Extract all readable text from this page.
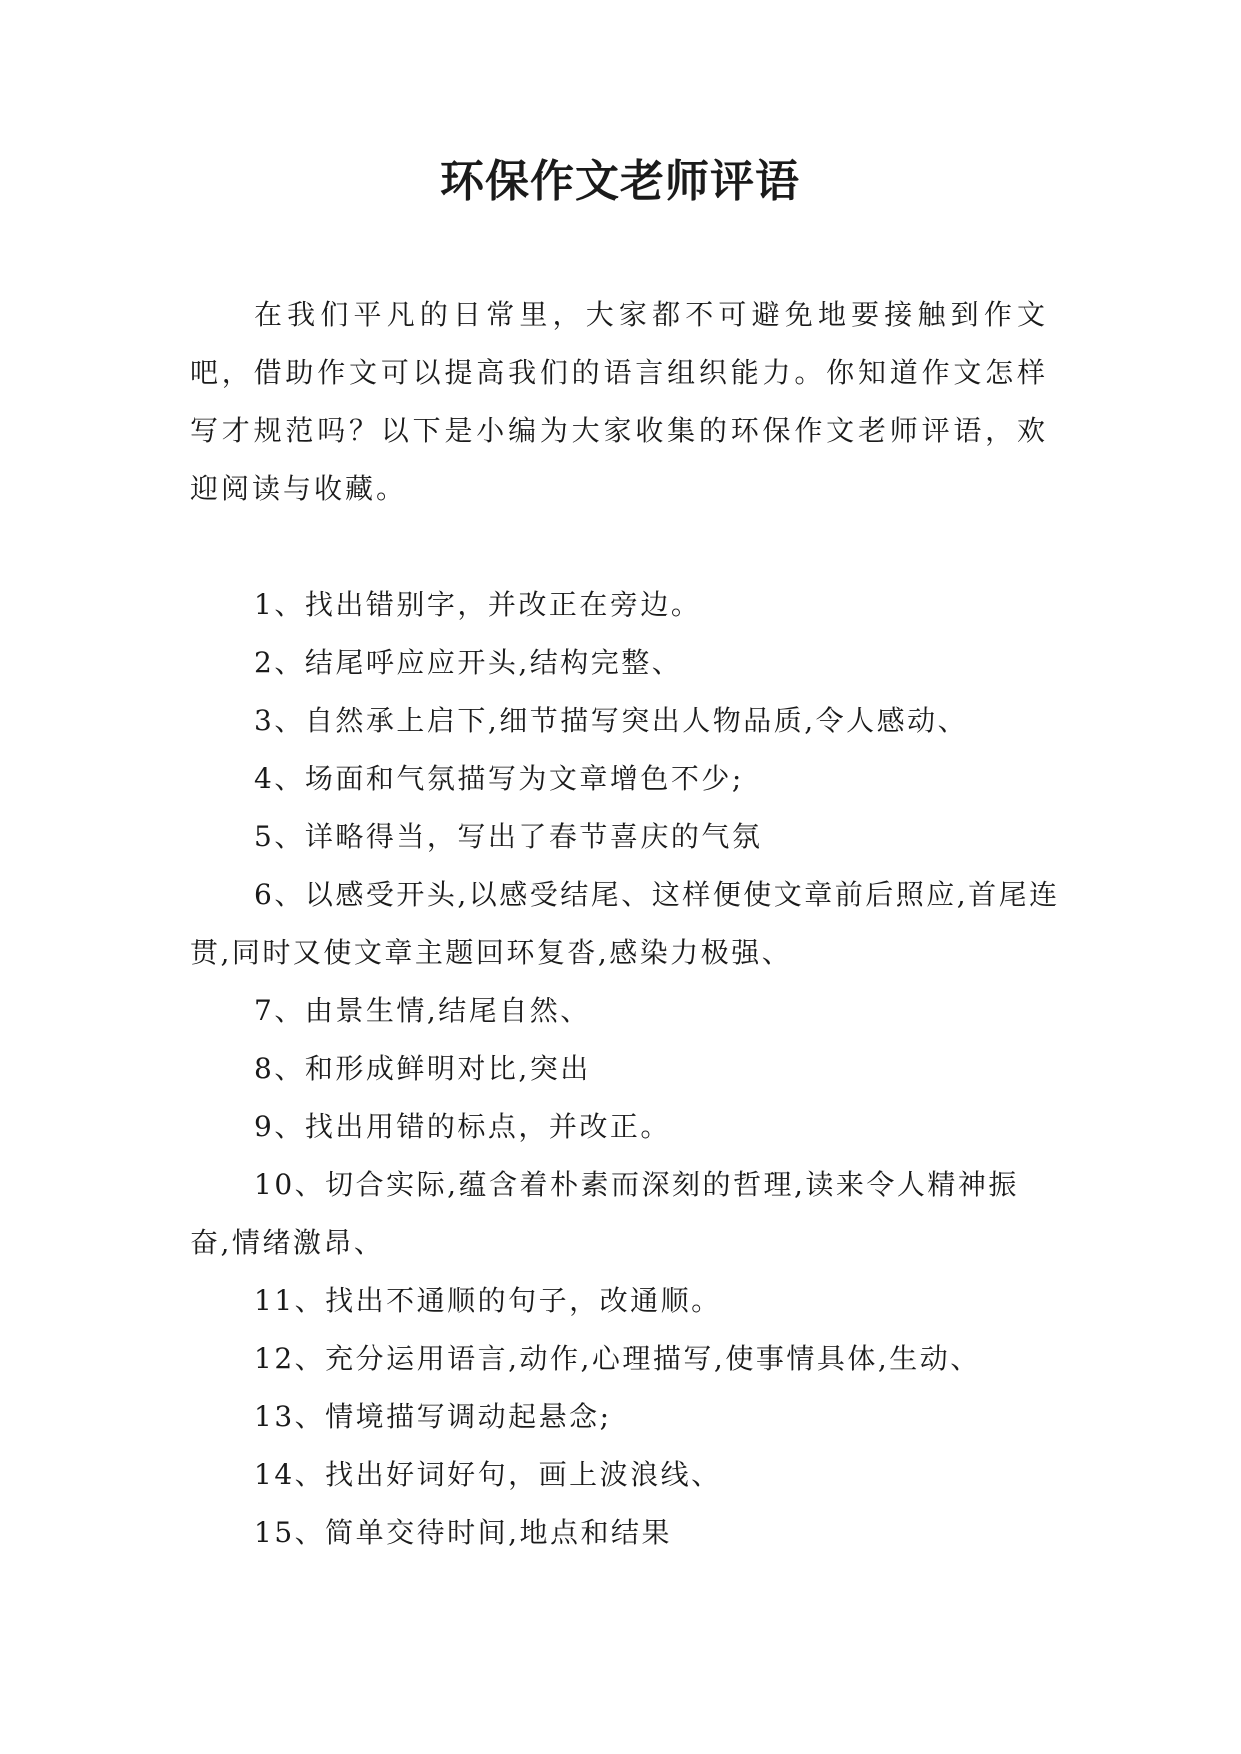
环保作文老师评语

在我们平凡的日常里，大家都不可避免地要接触到作文吧，借助作文可以提高我们的语言组织能力。你知道作文怎样写才规范吗？以下是小编为大家收集的环保作文老师评语，欢迎阅读与收藏。

1、找出错别字，并改正在旁边。
2、结尾呼应应开头,结构完整、
3、自然承上启下,细节描写突出人物品质,令人感动、
4、场面和气氛描写为文章增色不少;
5、详略得当，写出了春节喜庆的气氛
6、以感受开头,以感受结尾、这样便使文章前后照应,首尾连贯,同时又使文章主题回环复沓,感染力极强、
7、由景生情,结尾自然、
8、和形成鲜明对比,突出
9、找出用错的标点，并改正。
10、切合实际,蕴含着朴素而深刻的哲理,读来令人精神振奋,情绪激昂、
11、找出不通顺的句子，改通顺。
12、充分运用语言,动作,心理描写,使事情具体,生动、
13、情境描写调动起悬念;
14、找出好词好句，画上波浪线、
15、简单交待时间,地点和结果
